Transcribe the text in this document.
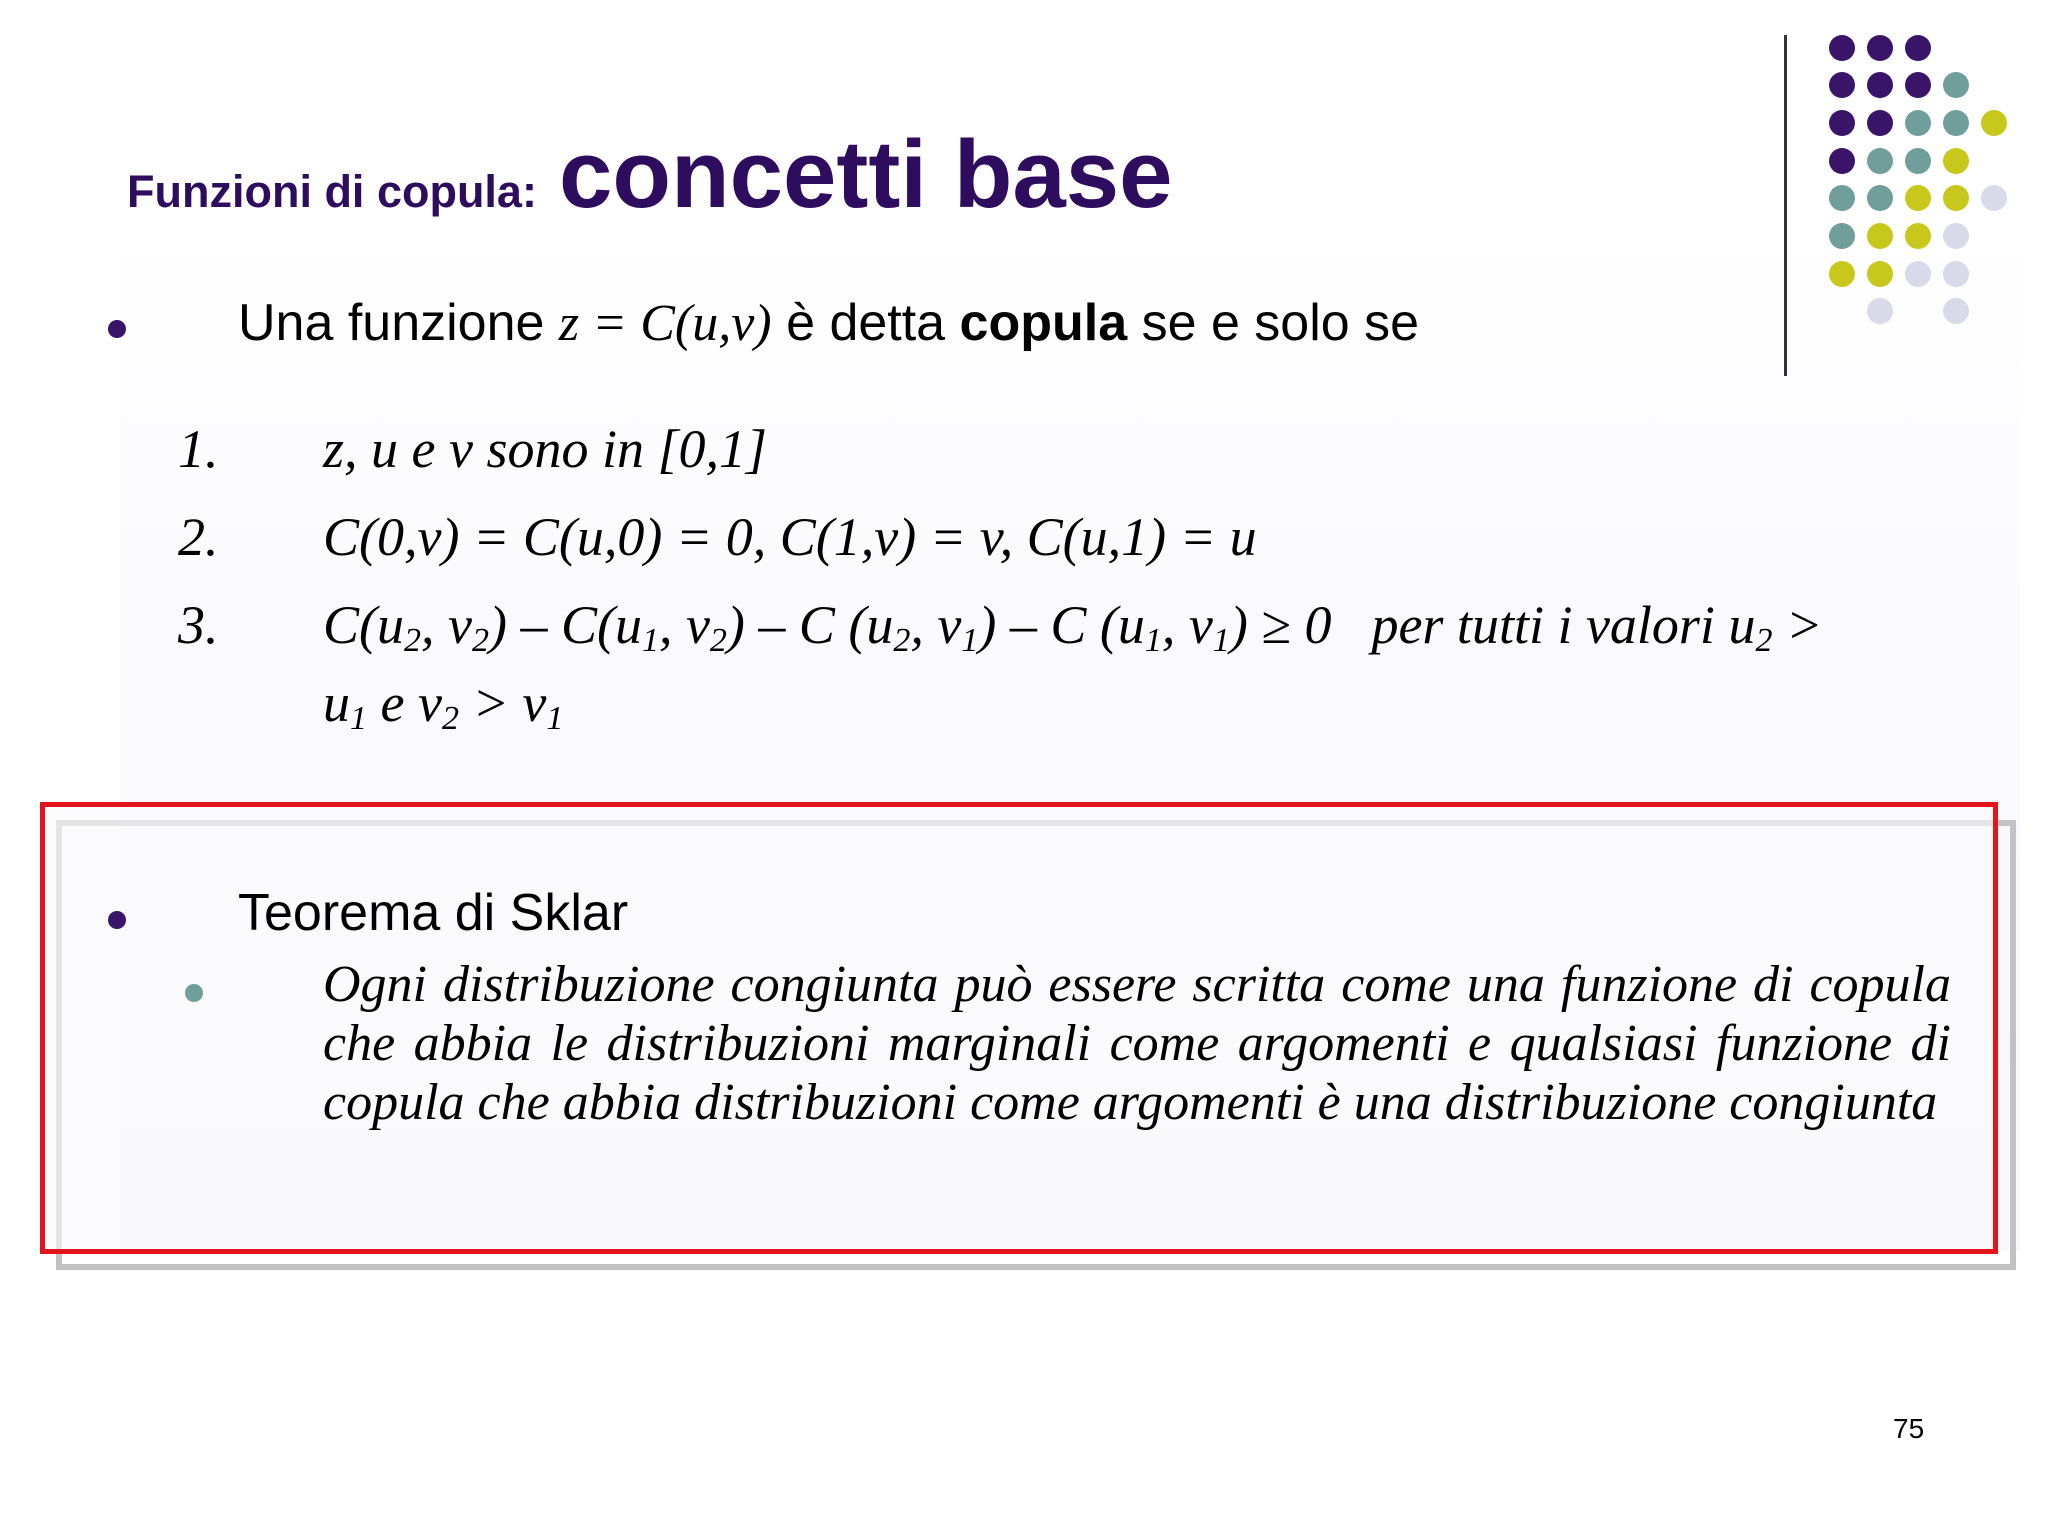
Funzioni di copula: concetti base
Una funzione z = C(u,v) è detta copula se e solo se
1. z, u e v sono in [0,1]
2. C(0,v) = C(u,0) = 0, C(1,v) = v, C(u,1) = u
3. $C(u_2$, $v_2) - C(u_1$, $v_2$) – C ($u_2$, $v_1$) – C ($u_1$, $v_1) \ge 0$ per tutti i valori $u_2$ >
$u_1$ e $v_2 > v_1$
Teorema di Sklar
Ogni distribuzione congiunta può essere scritta come una funzione di copula che abbia le distribuzioni marginali come argomenti e qualsiasi funzione di copula che abbia distribuzioni come argomenti è una distribuzione congiunta
75
